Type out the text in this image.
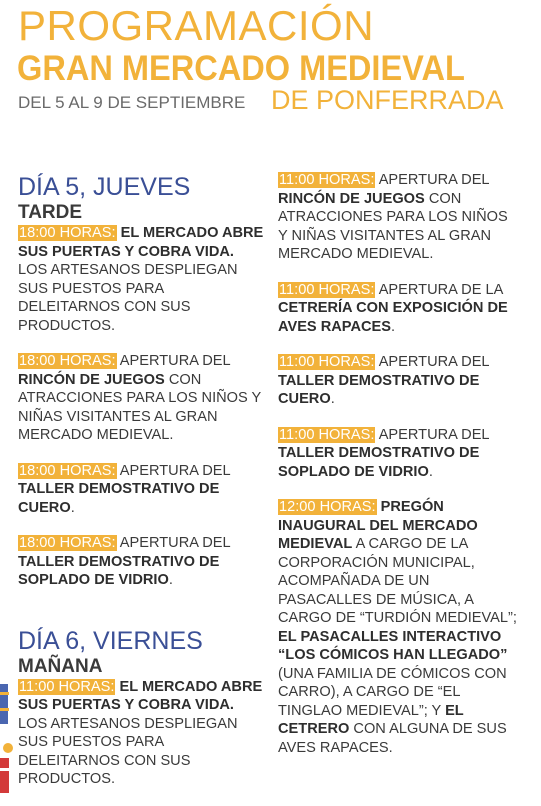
PROGRAMACIÓN
GRAN MERCADO MEDIEVAL
DEL 5 AL 9 DE SEPTIEMBRE DE PONFERRADA

DÍA 5, JUEVES

TARDE

18:00 HORAS: EL MERCADO ABRE SUS PUERTAS Y COBRA VIDA. LOS ARTESANOS DESPLIEGAN SUS PUESTOS PARA DELEITARNOS CON SUS PRODUCTOS.

18:00 HORAS: APERTURA DEL RINCÓN DE JUEGOS CON ATRACCIONES PARA LOS NIÑOS Y NIÑAS VISITANTES AL GRAN MERCADO MEDIEVAL.

18:00 HORAS: APERTURA DEL TALLER DEMOSTRATIVO DE CUERO.

18:00 HORAS: APERTURA DEL TALLER DEMOSTRATIVO DE SOPLADO DE VIDRIO.

DÍA 6, VIERNES

MAÑANA

11:00 HORAS: EL MERCADO ABRE SUS PUERTAS Y COBRA VIDA. LOS ARTESANOS DESPLIEGAN SUS PUESTOS PARA DELEITARNOS CON SUS PRODUCTOS.

11:00 HORAS: APERTURA DEL RINCÓN DE JUEGOS CON ATRACCIONES PARA LOS NIÑOS Y NIÑAS VISITANTES AL GRAN MERCADO MEDIEVAL.

11:00 HORAS: APERTURA DE LA CETRERÍA CON EXPOSICIÓN DE AVES RAPACES.

11:00 HORAS: APERTURA DEL TALLER DEMOSTRATIVO DE CUERO.

11:00 HORAS: APERTURA DEL TALLER DEMOSTRATIVO DE SOPLADO DE VIDRIO.

12:00 HORAS: PREGÓN INAUGURAL DEL MERCADO MEDIEVAL A CARGO DE LA CORPORACIÓN MUNICIPAL, ACOMPAÑADA DE UN PASACALLES DE MÚSICA, A CARGO DE “TURDIÓN MEDIEVAL”; EL PASACALLES INTERACTIVO “LOS CÓMICOS HAN LLEGADO” (UNA FAMILIA DE CÓMICOS CON CARRO), A CARGO DE “EL TINGLAO MEDIEVAL”; Y EL CETRERO CON ALGUNA DE SUS AVES RAPACES.
